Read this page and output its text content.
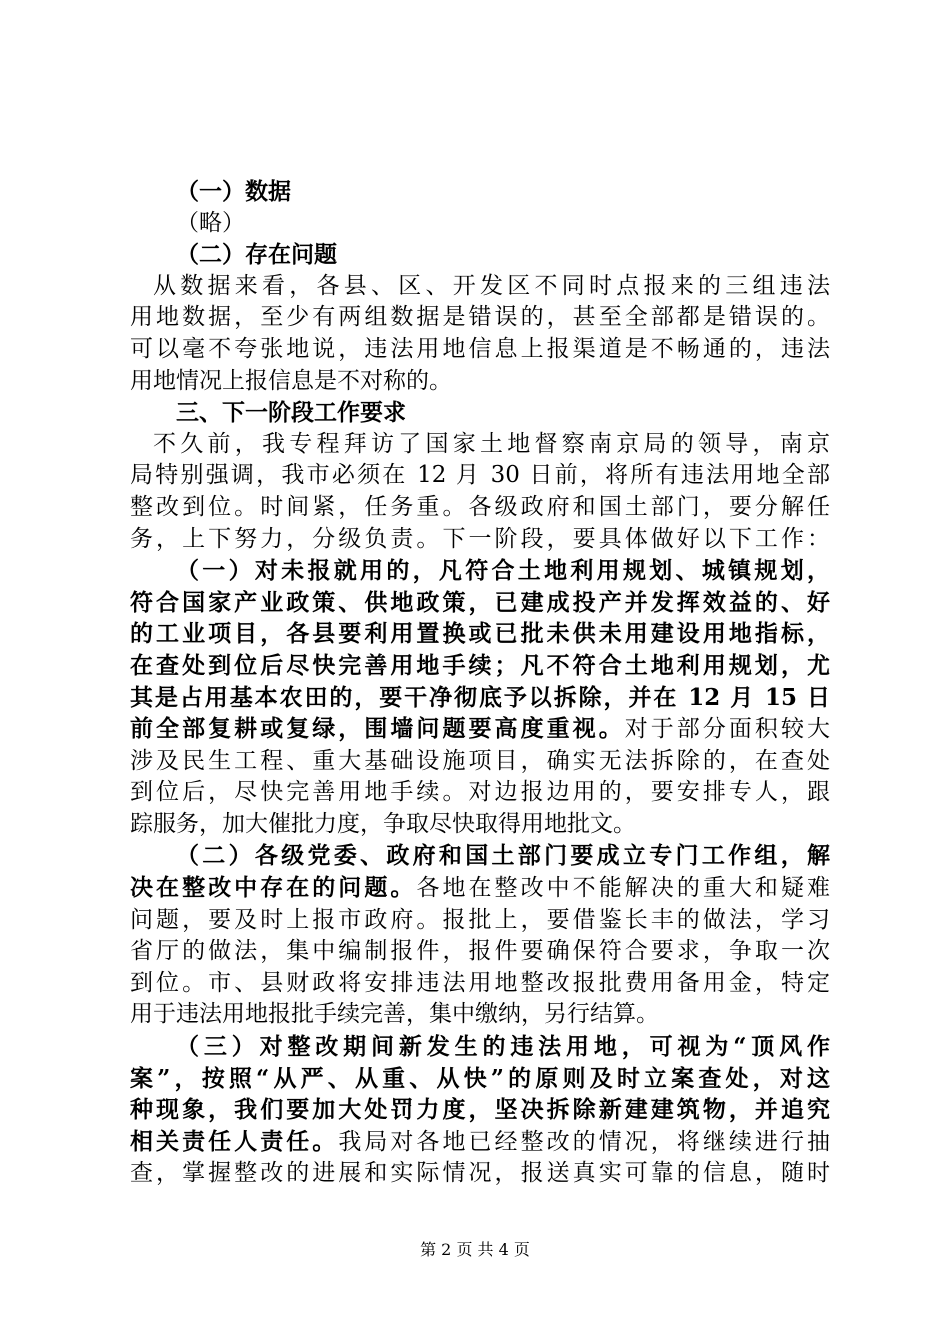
（一）数据
（略）
（二）存在问题
从数据来看，各县、区、开发区不同时点报来的三组违法
用地数据，至少有两组数据是错误的，甚至全部都是错误的。
可以毫不夸张地说，违法用地信息上报渠道是不畅通的，违法
用地情况上报信息是不对称的。
三、下一阶段工作要求
不久前，我专程拜访了国家土地督察南京局的领导，南京
局特别强调，我市必须在 12 月 30 日前，将所有违法用地全部
整改到位。时间紧，任务重。各级政府和国土部门，要分解任
务，上下努力，分级负责。下一阶段，要具体做好以下工作：
（一）对未报就用的，凡符合土地利用规划、城镇规划，
符合国家产业政策、供地政策，已建成投产并发挥效益的、好
的工业项目，各县要利用置换或已批未供未用建设用地指标，
在查处到位后尽快完善用地手续；凡不符合土地利用规划，尤
其是占用基本农田的，要干净彻底予以拆除，并在 12 月 15 日
前全部复耕或复绿，围墙问题要高度重视。对于部分面积较大
涉及民生工程、重大基础设施项目，确实无法拆除的，在查处
到位后，尽快完善用地手续。对边报边用的，要安排专人，跟
踪服务，加大催批力度，争取尽快取得用地批文。
（二）各级党委、政府和国土部门要成立专门工作组，解
决在整改中存在的问题。各地在整改中不能解决的重大和疑难
问题，要及时上报市政府。报批上，要借鉴长丰的做法，学习
省厅的做法，集中编制报件，报件要确保符合要求，争取一次
到位。市、县财政将安排违法用地整改报批费用备用金，特定
用于违法用地报批手续完善，集中缴纳，另行结算。
（三）对整改期间新发生的违法用地，可视为“顶风作
案”，按照“从严、从重、从快”的原则及时立案查处，对这
种现象，我们要加大处罚力度，坚决拆除新建建筑物，并追究
相关责任人责任。我局对各地已经整改的情况，将继续进行抽
查，掌握整改的进展和实际情况，报送真实可靠的信息，随时
第 2 页 共 4 页
